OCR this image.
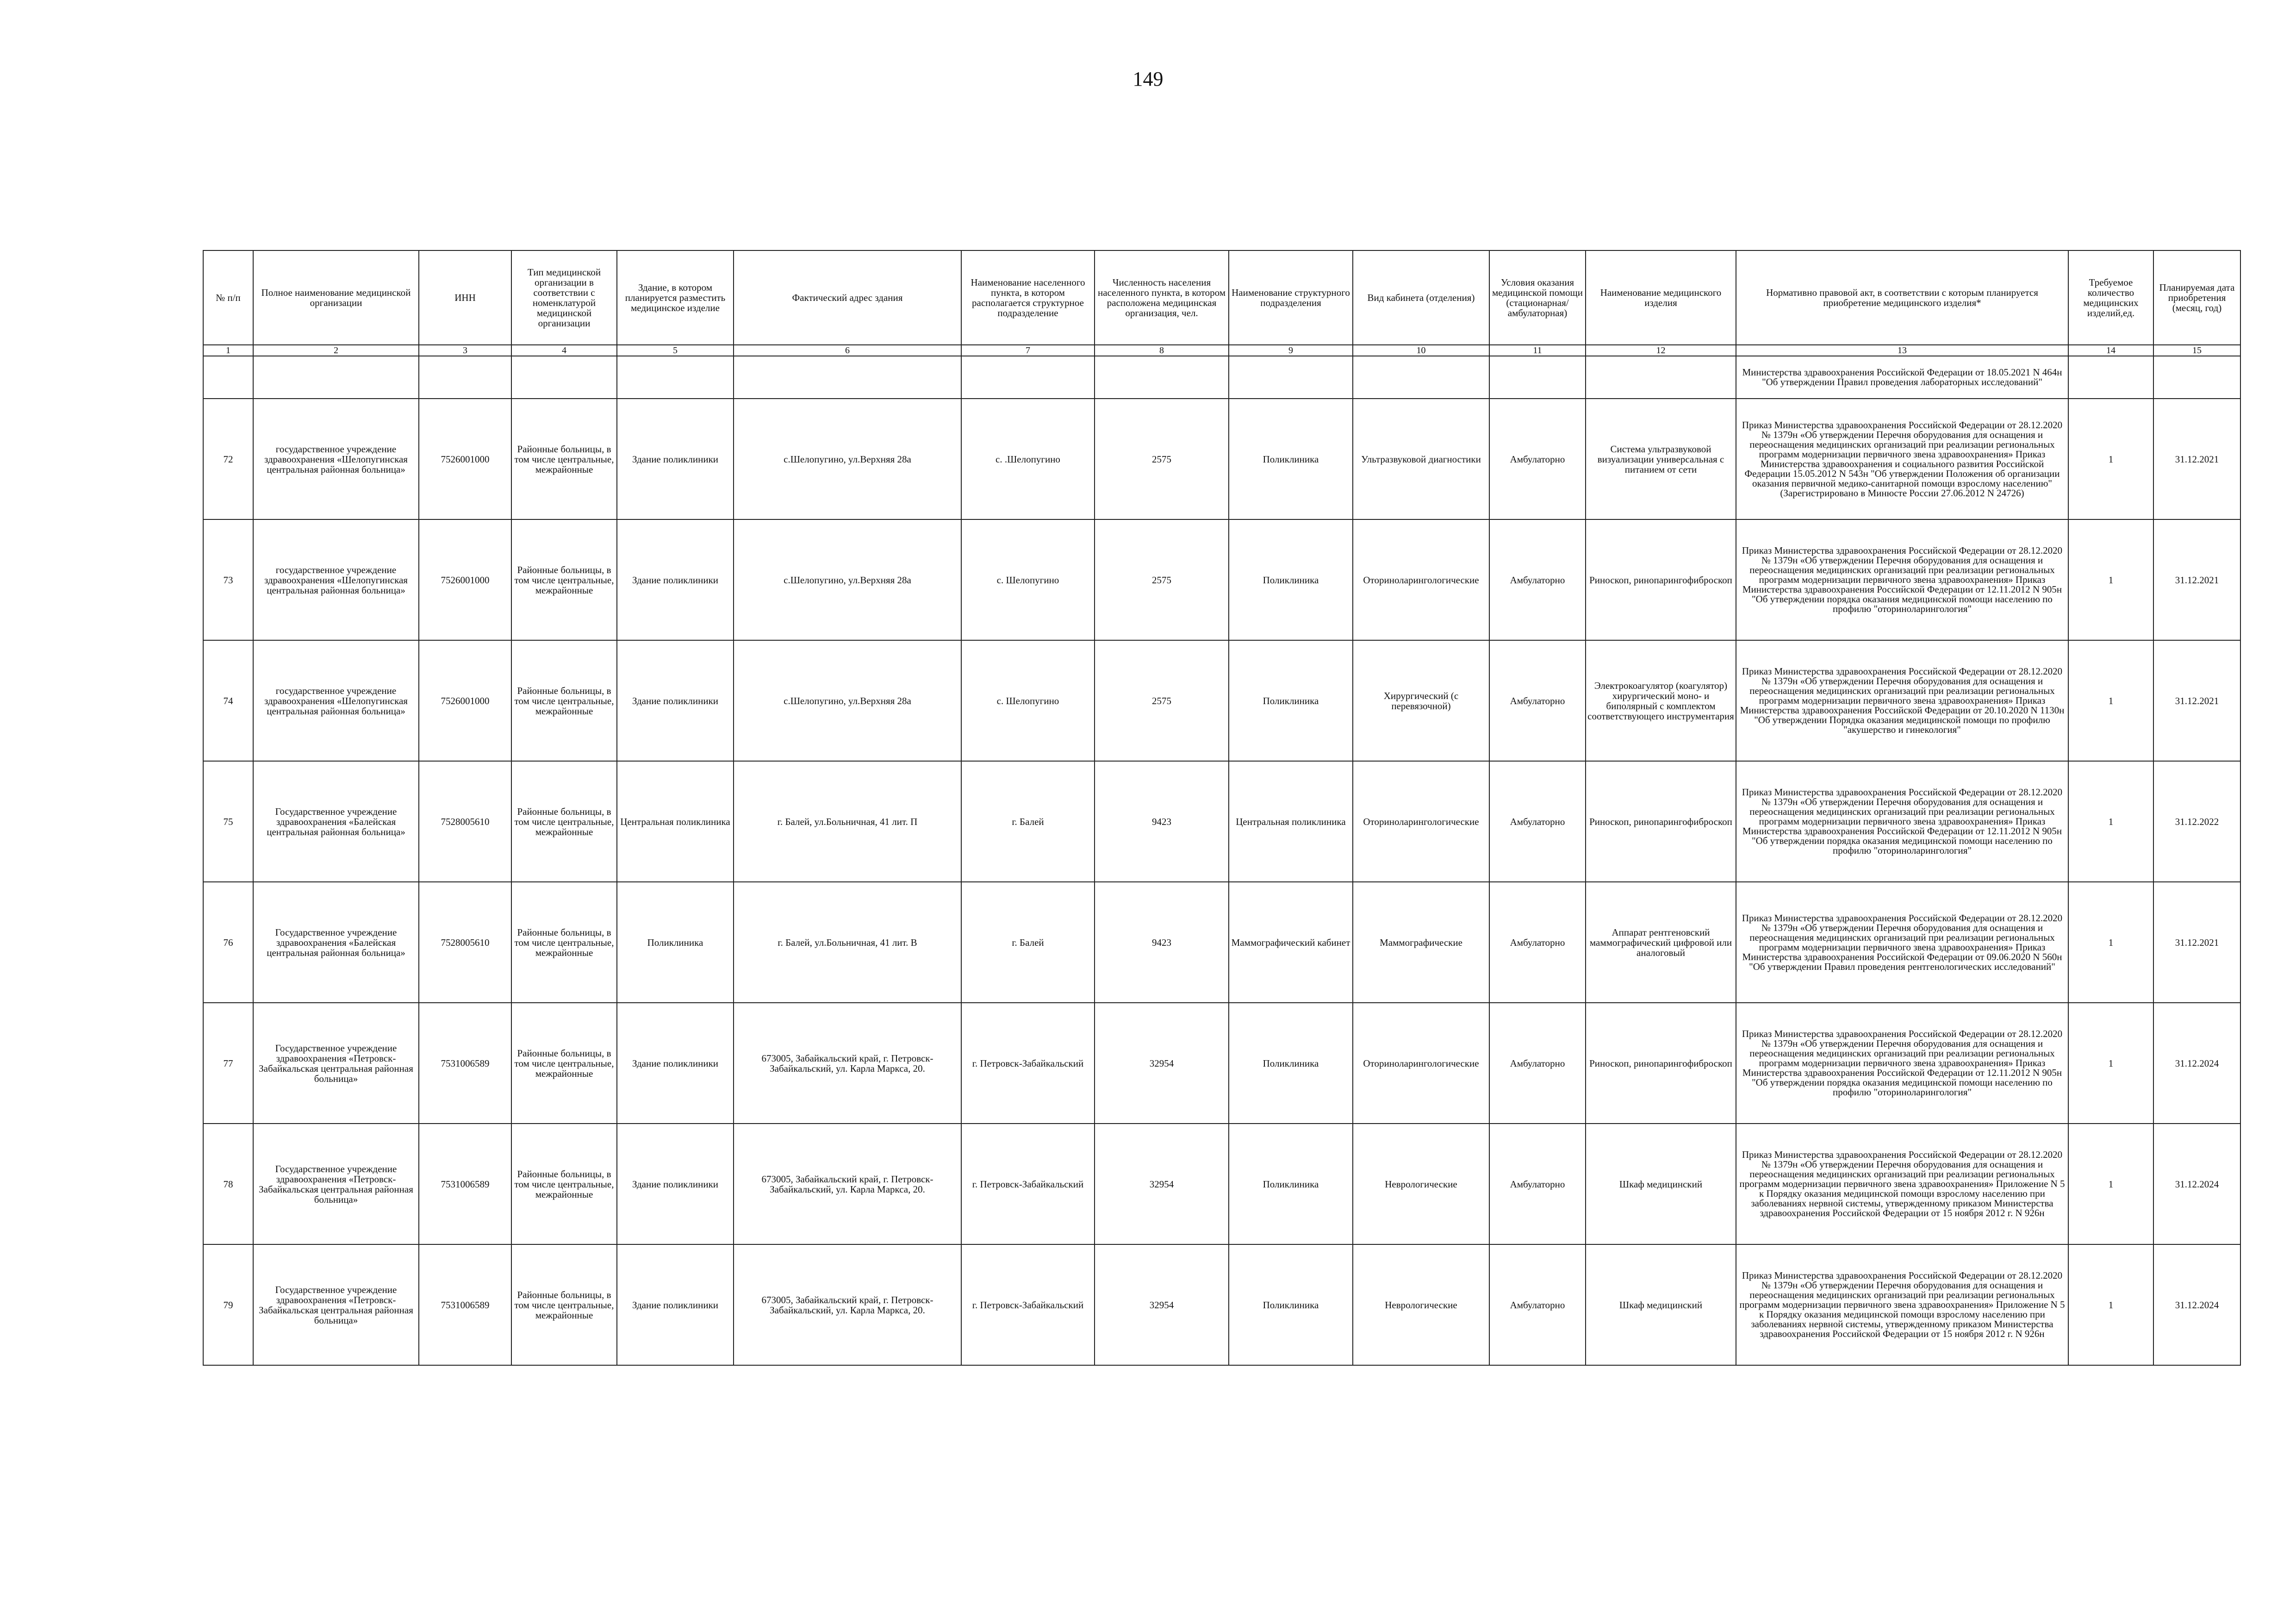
149
№ п/п	Полное наименование медицинской организации	ИНН	Тип медицинской организации в соответствии с номенклатурой медицинской организации	Здание, в котором планируется разместить медицинское изделие	Фактический адрес здания	Наименование населенного пункта, в котором располагается структурное подразделение	Численность населения населенного пункта, в котором расположена медицинская организация, чел.	Наименование структурного подразделения	Вид кабинета (отделения)	Условия оказания медицинской помощи (стационарная/ амбулаторная)	Наименование медицинского изделия	Нормативно правовой акт, в соответствии с которым планируется приобретение медицинского изделия*	Требуемое количество медицинских изделий,ед.	Планируемая дата приобретения (месяц, год)
1	2	3	4	5	6	7	8	9	10	11	12	13	14	15
												Министерства здравоохранения Российской Федерации от 18.05.2021 N 464н "Об утверждении Правил проведения лабораторных исследований"		
72	государственное учреждение здравоохранения «Шелопугинская центральная районная больница»	7526001000	Районные больницы, в том числе центральные, межрайонные	Здание поликлиники	с.Шелопугино, ул.Верхняя 28а	с. .Шелопугино	2575	Поликлиника	Ультразвуковой диагностики	Амбулаторно	Система ультразвуковой визуализации универсальная с питанием от сети	Приказ Министерства здравоохранения Российской Федерации от 28.12.2020 № 1379н «Об утверждении Перечня оборудования для оснащения и переоснащения медицинских организаций при реализации региональных программ модернизации первичного звена здравоохранения» Приказ Министерства здравоохранения и социального развития Российской Федерации 15.05.2012 N 543н "Об утверждении Положения об организации оказания первичной медико-санитарной помощи взрослому населению" (Зарегистрировано в Минюсте России 27.06.2012 N 24726)	1	31.12.2021
73	государственное учреждение здравоохранения «Шелопугинская центральная районная больница»	7526001000	Районные больницы, в том числе центральные, межрайонные	Здание поликлиники	с.Шелопугино, ул.Верхняя 28а	с. Шелопугино	2575	Поликлиника	Оториноларингологические	Амбулаторно	Риноскоп, ринопарингофиброскоп	Приказ Министерства здравоохранения Российской Федерации от 28.12.2020 № 1379н «Об утверждении Перечня оборудования для оснащения и переоснащения медицинских организаций при реализации региональных программ модернизации первичного звена здравоохранения» Приказ Министерства здравоохранения Российской Федерации от 12.11.2012 N 905н "Об утверждении порядка оказания медицинской помощи населению по профилю "оториноларингология"	1	31.12.2021
74	государственное учреждение здравоохранения «Шелопугинская центральная районная больница»	7526001000	Районные больницы, в том числе центральные, межрайонные	Здание поликлиники	с.Шелопугино, ул.Верхняя 28а	с. Шелопугино	2575	Поликлиника	Хирургический (с перевязочной)	Амбулаторно	Электрокоагулятор (коагулятор) хирургический моно- и биполярный с комплектом соответствующего инструментария	Приказ Министерства здравоохранения Российской Федерации от 28.12.2020 № 1379н «Об утверждении Перечня оборудования для оснащения и переоснащения медицинских организаций при реализации региональных программ модернизации первичного звена здравоохранения» Приказ Министерства здравоохранения Российской Федерации от 20.10.2020 N 1130н "Об утверждении Порядка оказания медицинской помощи по профилю "акушерство и гинекология"	1	31.12.2021
75	Государственное учреждение здравоохранения «Балейская центральная районная больница»	7528005610	Районные больницы, в том числе центральные, межрайонные	Центральная поликлиника	г. Балей, ул.Больничная, 41 лит. П	г. Балей	9423	Центральная поликлиника	Оториноларингологические	Амбулаторно	Риноскоп, ринопарингофиброскоп	Приказ Министерства здравоохранения Российской Федерации от 28.12.2020 № 1379н «Об утверждении Перечня оборудования для оснащения и переоснащения медицинских организаций при реализации региональных программ модернизации первичного звена здравоохранения» Приказ Министерства здравоохранения Российской Федерации от 12.11.2012 N 905н "Об утверждении порядка оказания медицинской помощи населению по профилю "оториноларингология"	1	31.12.2022
76	Государственное учреждение здравоохранения «Балейская центральная районная больница»	7528005610	Районные больницы, в том числе центральные, межрайонные	Поликлиника	г. Балей, ул.Больничная, 41 лит. В	г. Балей	9423	Маммографический кабинет	Маммографические	Амбулаторно	Аппарат рентгеновский маммографический цифровой или аналоговый	Приказ Министерства здравоохранения Российской Федерации от 28.12.2020 № 1379н «Об утверждении Перечня оборудования для оснащения и переоснащения медицинских организаций при реализации региональных программ модернизации первичного звена здравоохранения» Приказ Министерства здравоохранения Российской Федерации от 09.06.2020 N 560н "Об утверждении Правил проведения рентгенологических исследований"	1	31.12.2021
77	Государственное учреждение здравоохранения «Петровск-Забайкальская центральная районная больница»	7531006589	Районные больницы, в том числе центральные, межрайонные	Здание поликлиники	673005, Забайкальский край, г. Петровск-Забайкальский, ул. Карла Маркса, 20.	г. Петровск-Забайкальский	32954	Поликлиника	Оториноларингологические	Амбулаторно	Риноскоп, ринопарингофиброскоп	Приказ Министерства здравоохранения Российской Федерации от 28.12.2020 № 1379н «Об утверждении Перечня оборудования для оснащения и переоснащения медицинских организаций при реализации региональных программ модернизации первичного звена здравоохранения» Приказ Министерства здравоохранения Российской Федерации от 12.11.2012 N 905н "Об утверждении порядка оказания медицинской помощи населению по профилю "оториноларингология"	1	31.12.2024
78	Государственное учреждение здравоохранения «Петровск-Забайкальская центральная районная больница»	7531006589	Районные больницы, в том числе центральные, межрайонные	Здание поликлиники	673005, Забайкальский край, г. Петровск-Забайкальский, ул. Карла Маркса, 20.	г. Петровск-Забайкальский	32954	Поликлиника	Неврологические	Амбулаторно	Шкаф медицинский	Приказ Министерства здравоохранения Российской Федерации от 28.12.2020 № 1379н «Об утверждении Перечня оборудования для оснащения и переоснащения медицинских организаций при реализации региональных программ модернизации первичного звена здравоохранения» Приложение N 5 к Порядку оказания медицинской помощи взрослому населению при заболеваниях нервной системы, утвержденному приказом Министерства здравоохранения Российской Федерации от 15 ноября 2012 г. N 926н	1	31.12.2024
79	Государственное учреждение здравоохранения «Петровск-Забайкальская центральная районная больница»	7531006589	Районные больницы, в том числе центральные, межрайонные	Здание поликлиники	673005, Забайкальский край, г. Петровск-Забайкальский, ул. Карла Маркса, 20.	г. Петровск-Забайкальский	32954	Поликлиника	Неврологические	Амбулаторно	Шкаф медицинский	Приказ Министерства здравоохранения Российской Федерации от 28.12.2020 № 1379н «Об утверждении Перечня оборудования для оснащения и переоснащения медицинских организаций при реализации региональных программ модернизации первичного звена здравоохранения» Приложение N 5 к Порядку оказания медицинской помощи взрослому населению при заболеваниях нервной системы, утвержденному приказом Министерства здравоохранения Российской Федерации от 15 ноября 2012 г. N 926н	1	31.12.2024
